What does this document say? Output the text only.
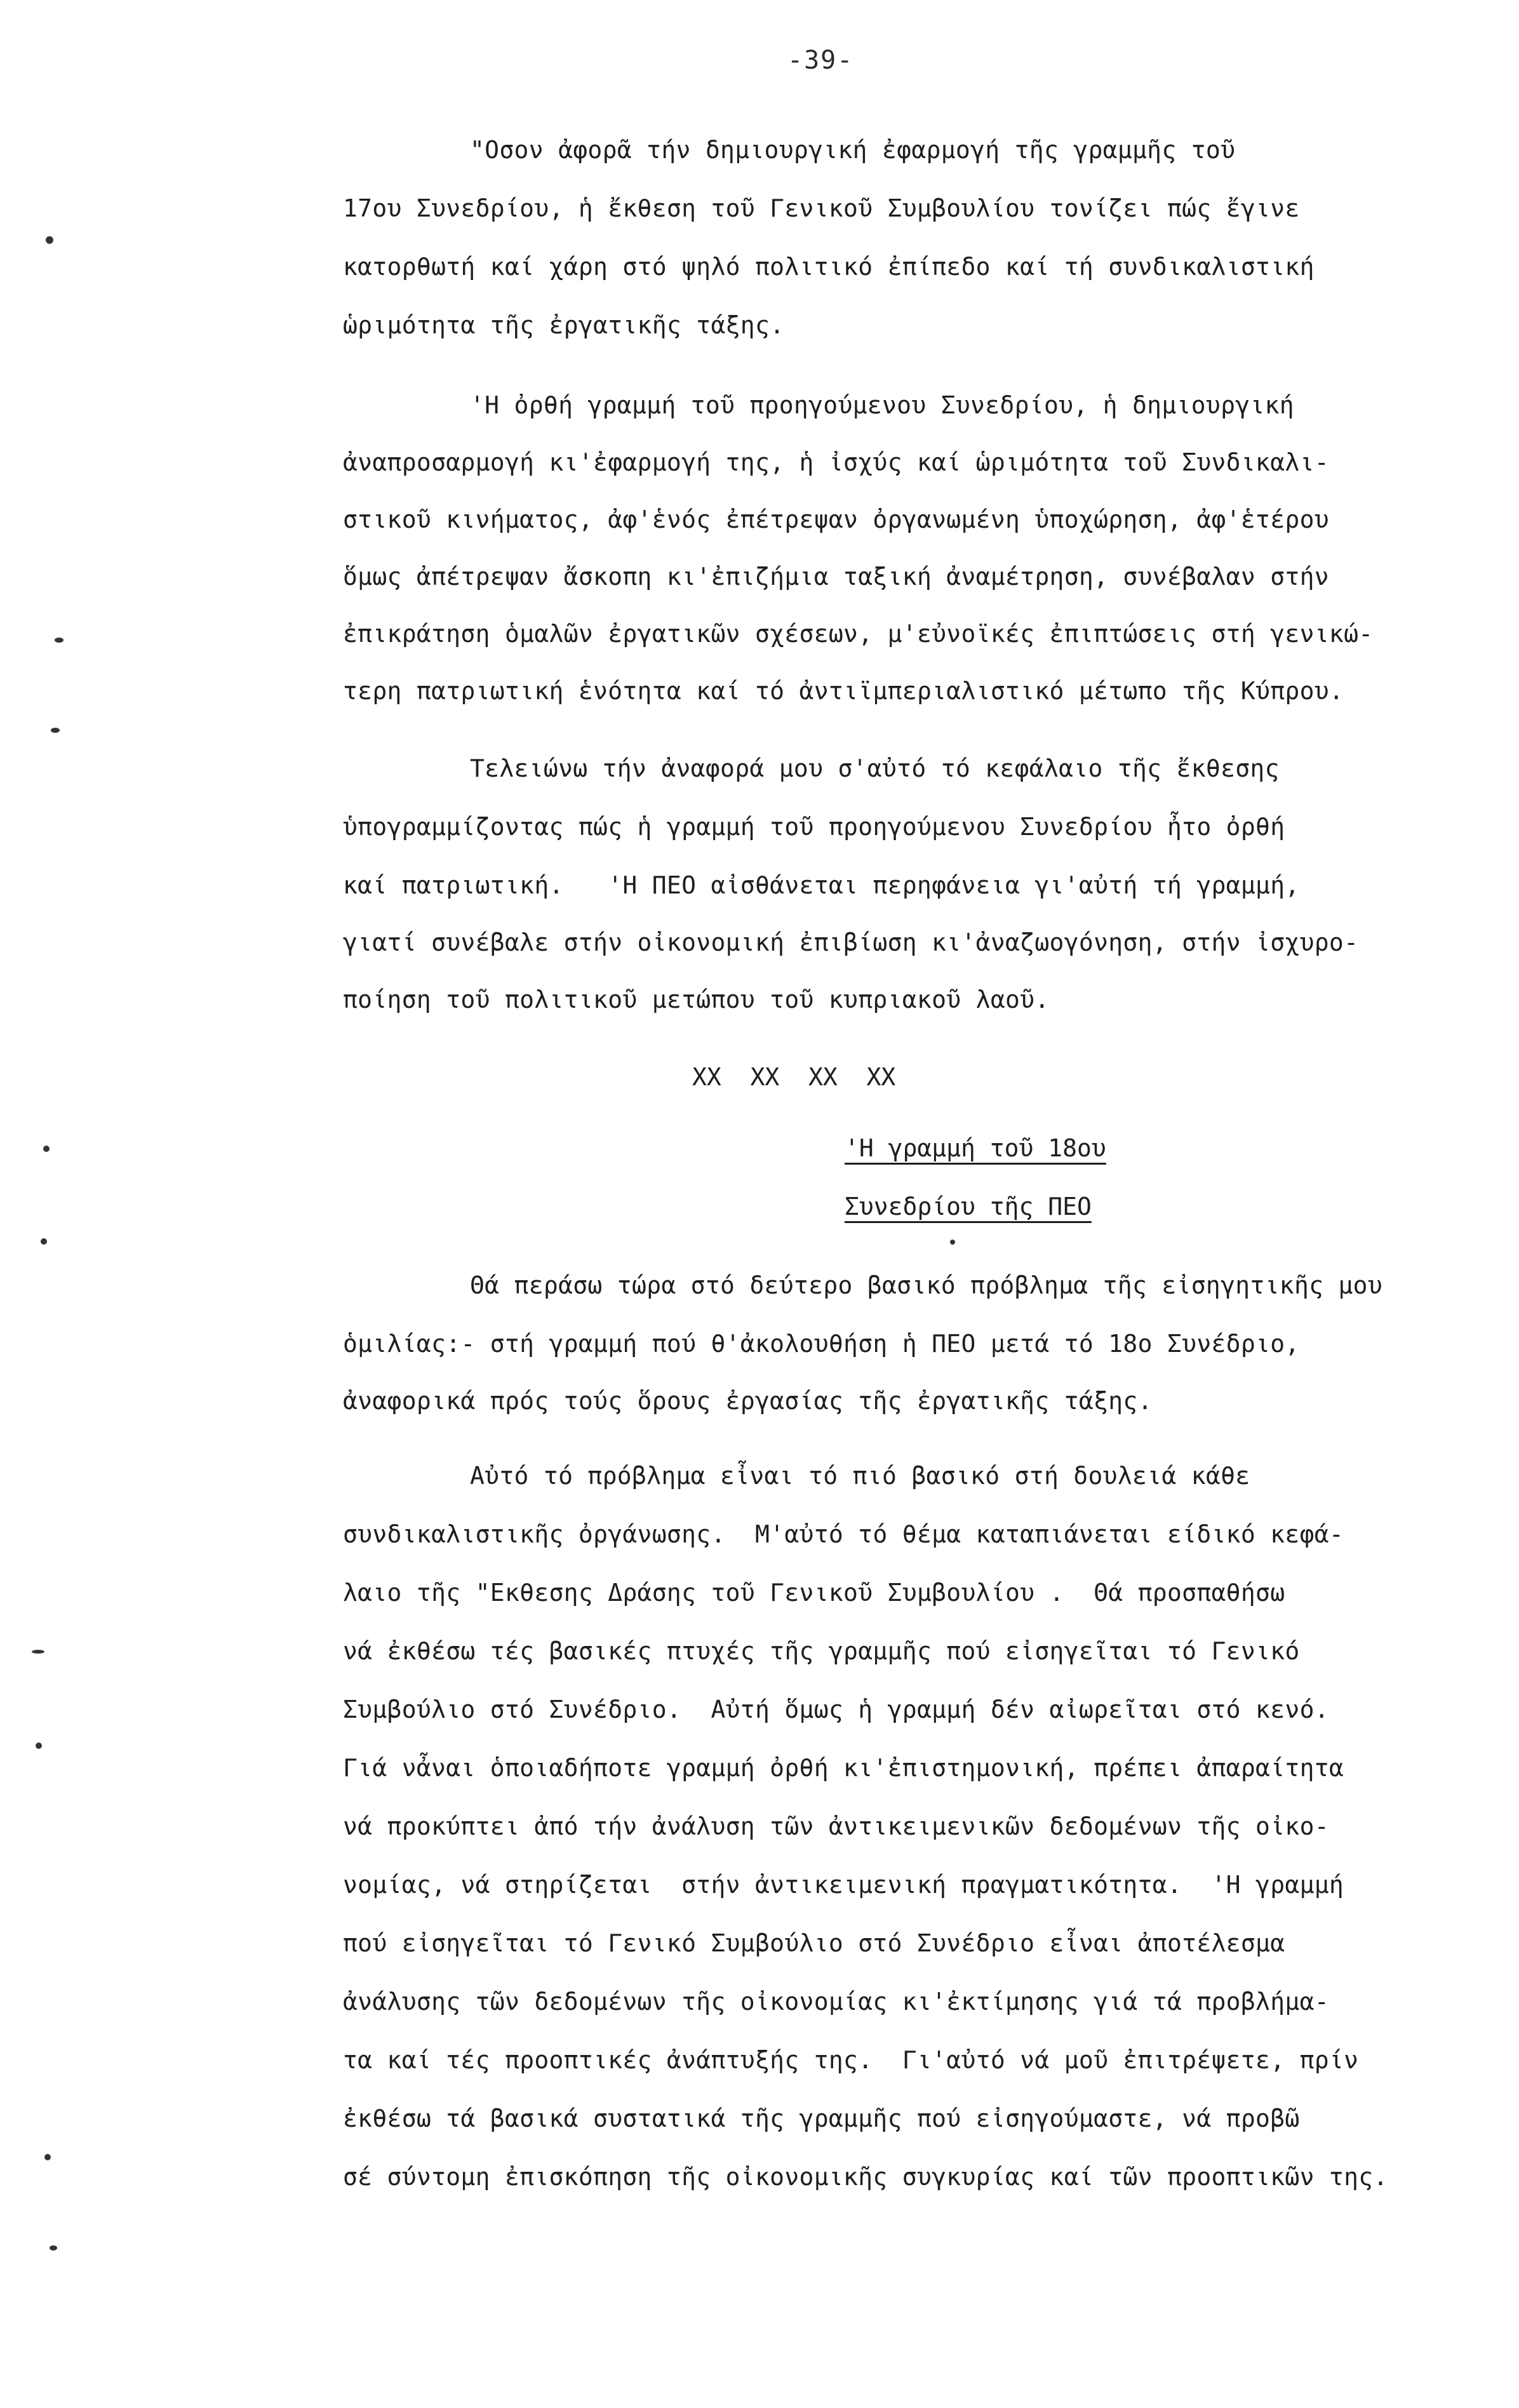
-39-
"Οσον ἀφορᾶ τήν δημιουργική ἐφαρμογή τῆς γραμμῆς τοῦ
17ου Συνεδρίου, ἡ ἔκθεση τοῦ Γενικοῦ Συμβουλίου τονίζει πώς ἔγινε
κατορθωτή καί χάρη στό ψηλό πολιτικό ἐπίπεδο καί τή συνδικαλιστική
ὡριμότητα τῆς ἐργατικῆς τάξης.
'Η ὀρθή γραμμή τοῦ προηγούμενου Συνεδρίου, ἡ δημιουργική
ἀναπροσαρμογή κι'ἐφαρμογή της, ἡ ἰσχύς καί ὡριμότητα τοῦ Συνδικαλι-
στικοῦ κινήματος, ἀφ'ἑνός ἐπέτρεψαν ὀργανωμένη ὑποχώρηση, ἀφ'ἑτέρου
ὅμως ἀπέτρεψαν ἄσκοπη κι'ἐπιζήμια ταξική ἀναμέτρηση, συνέβαλαν στήν
ἐπικράτηση ὁμαλῶν ἐργατικῶν σχέσεων, μ'εὐνοϊκές ἐπιπτώσεις στή γενικώ-
τερη πατριωτική ἑνότητα καί τό ἀντιϊμπεριαλιστικό μέτωπο τῆς Κύπρου.
Τελειώνω τήν ἀναφορά μου σ'αὐτό τό κεφάλαιο τῆς ἔκθεσης
ὑπογραμμίζοντας πώς ἡ γραμμή τοῦ προηγούμενου Συνεδρίου ἦτο ὀρθή
καί πατριωτική.   'Η ΠΕΟ αἰσθάνεται περηφάνεια γι'αὐτή τή γραμμή,
γιατί συνέβαλε στήν οἰκονομική ἐπιβίωση κι'ἀναζωογόνηση, στήν ἰσχυρο-
ποίηση τοῦ πολιτικοῦ μετώπου τοῦ κυπριακοῦ λαοῦ.
XX  XX  XX  XX
'Η γραμμή τοῦ 18ου
Συνεδρίου τῆς ΠΕΟ
Θά περάσω τώρα στό δεύτερο βασικό πρόβλημα τῆς εἰσηγητικῆς μου
ὁμιλίας:- στή γραμμή πού θ'ἀκολουθήση ἡ ΠΕΟ μετά τό 18ο Συνέδριο,
ἀναφορικά πρός τούς ὅρους ἐργασίας τῆς ἐργατικῆς τάξης.
Αὐτό τό πρόβλημα εἶναι τό πιό βασικό στή δουλειά κάθε
συνδικαλιστικῆς ὀργάνωσης.  Μ'αὐτό τό θέμα καταπιάνεται είδικό κεφά-
λαιο τῆς "Εκθεσης Δράσης τοῦ Γενικοῦ Συμβουλίου .  Θά προσπαθήσω
νά ἐκθέσω τές βασικές πτυχές τῆς γραμμῆς πού εἰσηγεῖται τό Γενικό
Συμβούλιο στό Συνέδριο.  Αὐτή ὅμως ἡ γραμμή δέν αἰωρεῖται στό κενό.
Γιά νἆναι ὁποιαδήποτε γραμμή ὀρθή κι'ἐπιστημονική, πρέπει ἀπαραίτητα
νά προκύπτει ἀπό τήν ἀνάλυση τῶν ἀντικειμενικῶν δεδομένων τῆς οἰκο-
νομίας, νά στηρίζεται  στήν ἀντικειμενική πραγματικότητα.  'Η γραμμή
πού εἰσηγεῖται τό Γενικό Συμβούλιο στό Συνέδριο εἶναι ἀποτέλεσμα
ἀνάλυσης τῶν δεδομένων τῆς οἰκονομίας κι'ἐκτίμησης γιά τά προβλήμα-
τα καί τές προοπτικές ἀνάπτυξής της.  Γι'αὐτό νά μοῦ ἐπιτρέψετε, πρίν
ἐκθέσω τά βασικά συστατικά τῆς γραμμῆς πού εἰσηγούμαστε, νά προβῶ
σέ σύντομη ἐπισκόπηση τῆς οἰκονομικῆς συγκυρίας καί τῶν προοπτικῶν της.
